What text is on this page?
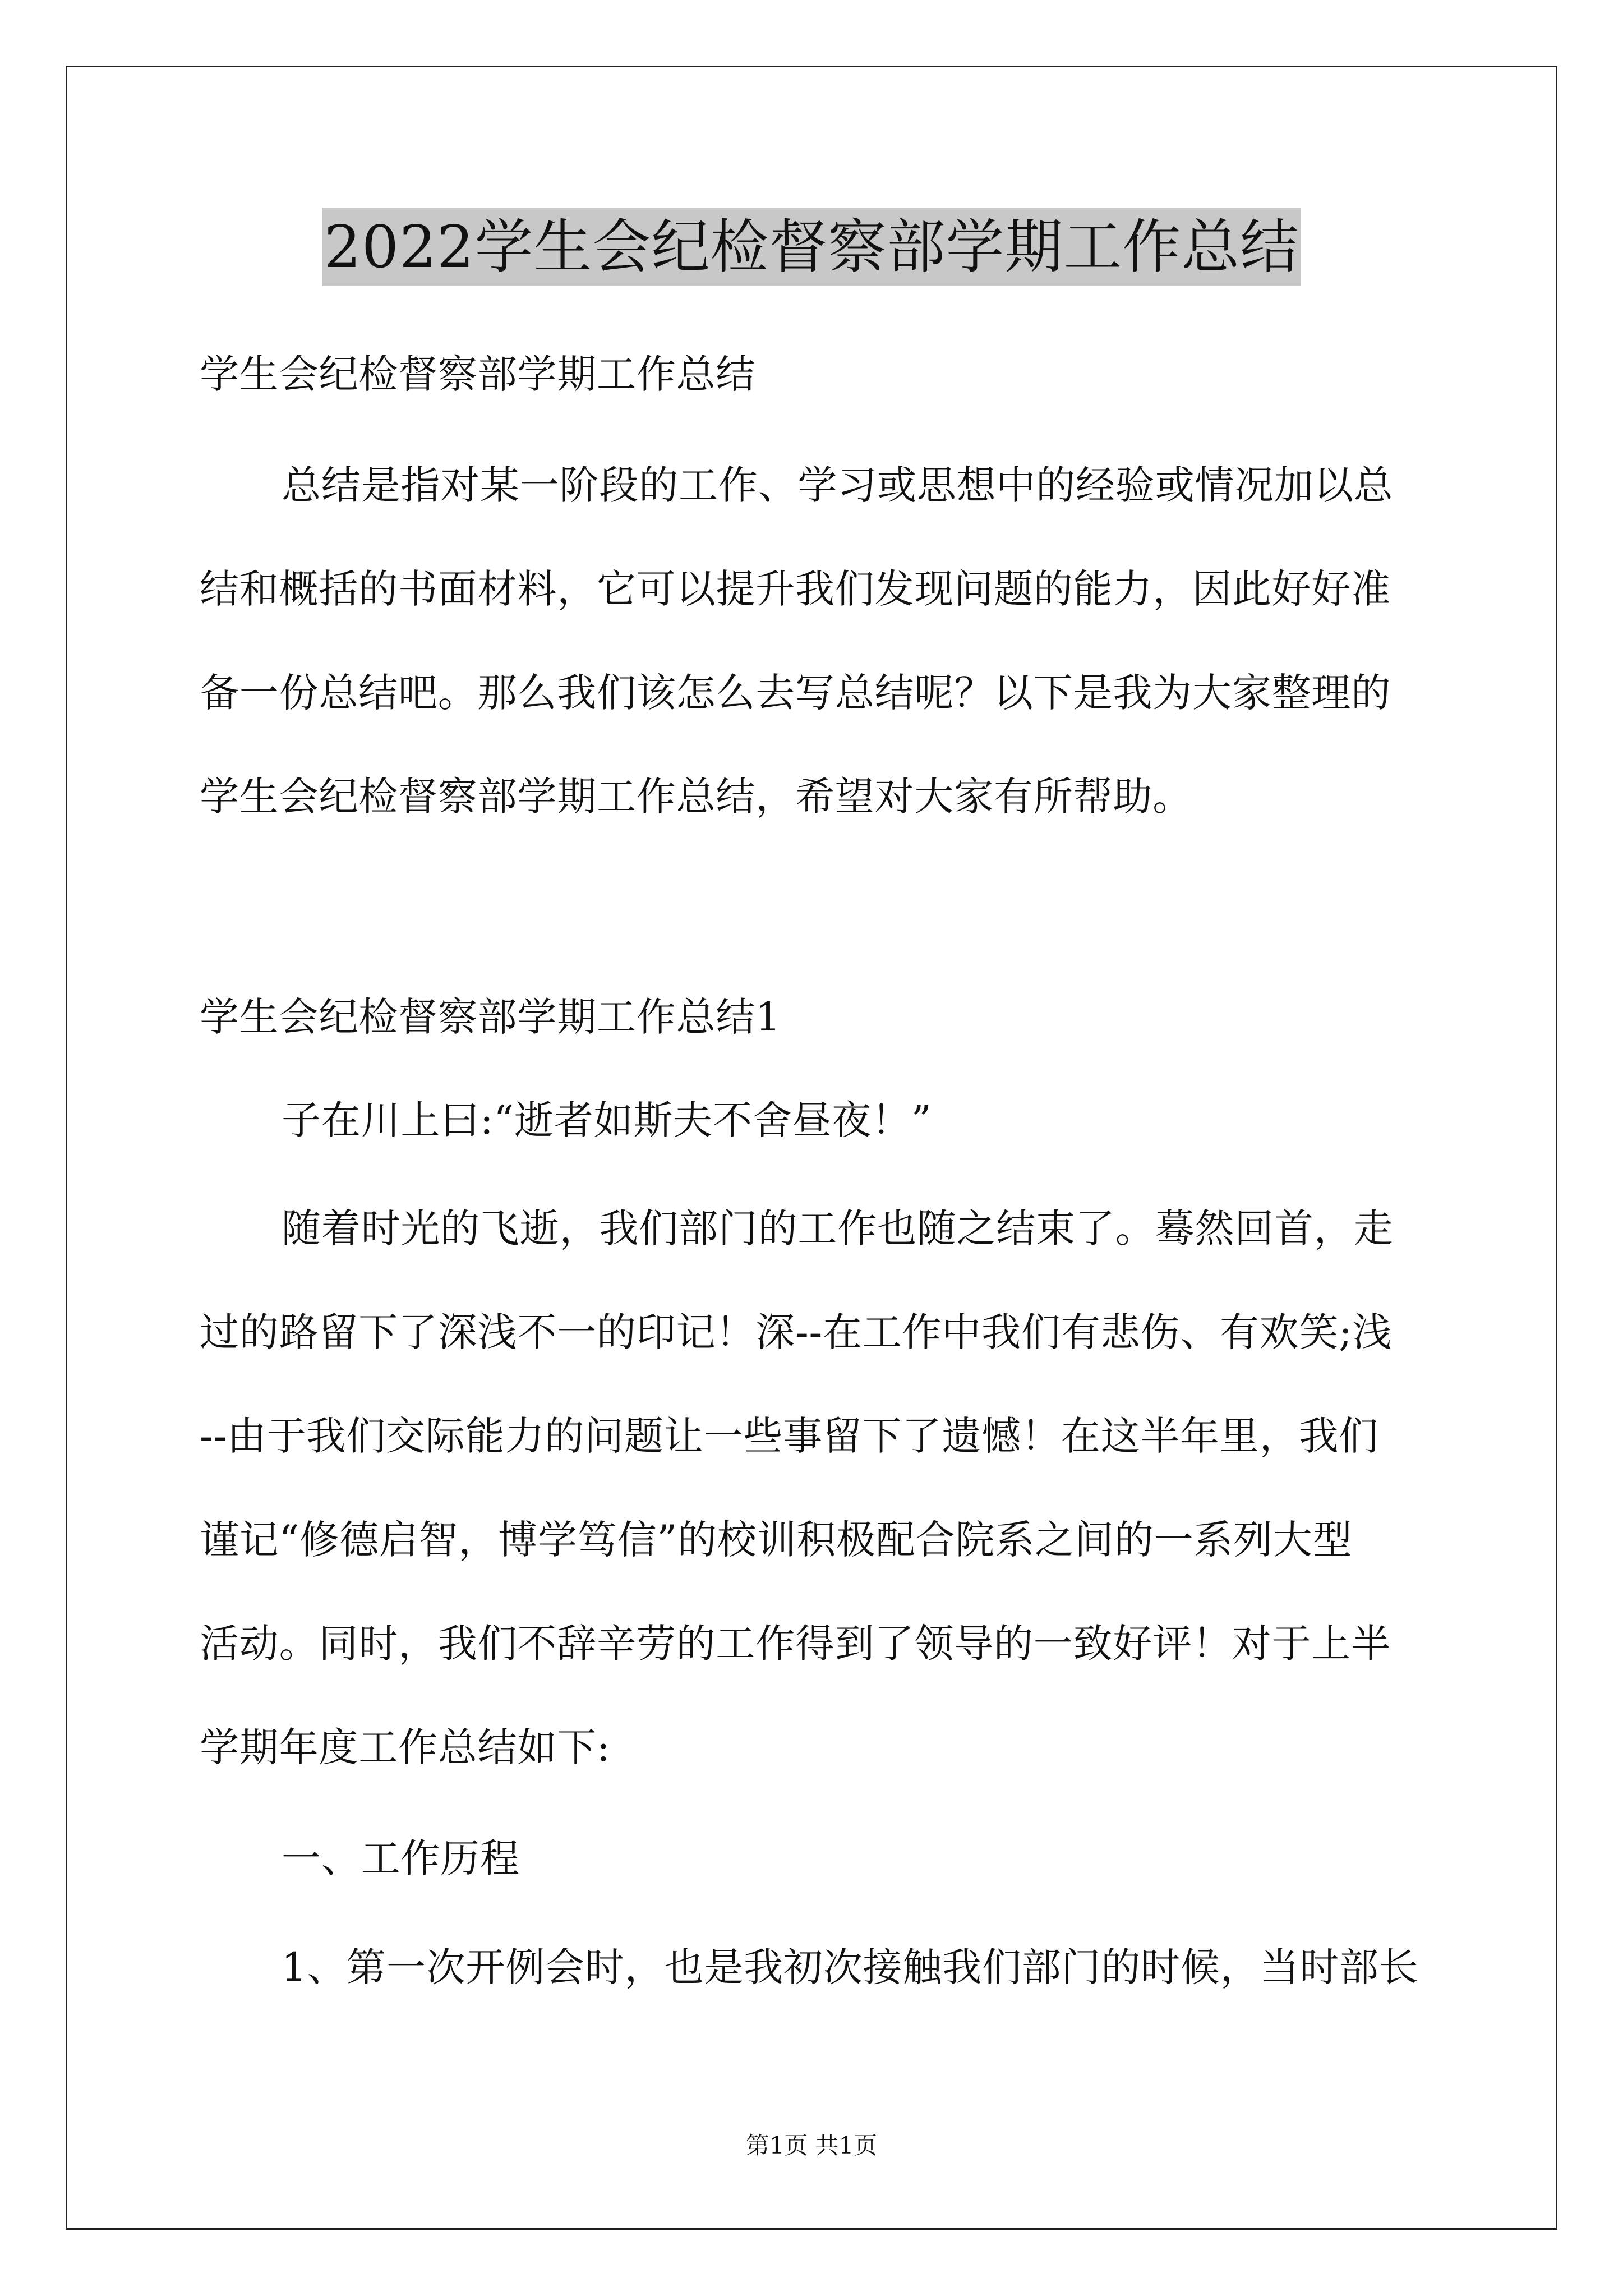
2022学生会纪检督察部学期工作总结
学生会纪检督察部学期工作总结
总结是指对某一阶段的工作、学习或思想中的经验或情况加以总
结和概括的书面材料，它可以提升我们发现问题的能力，因此好好准
备一份总结吧。那么我们该怎么去写总结呢？以下是我为大家整理的
学生会纪检督察部学期工作总结，希望对大家有所帮助。
学生会纪检督察部学期工作总结1
子在川上曰:“逝者如斯夫不舍昼夜！”
随着时光的飞逝，我们部门的工作也随之结束了。蓦然回首，走
过的路留下了深浅不一的印记！深--在工作中我们有悲伤、有欢笑;浅
--由于我们交际能力的问题让一些事留下了遗憾！在这半年里，我们
谨记“修德启智，博学笃信”的校训积极配合院系之间的一系列大型
活动。同时，我们不辞辛劳的工作得到了领导的一致好评！对于上半
学期年度工作总结如下:
一、工作历程
1、第一次开例会时，也是我初次接触我们部门的时候，当时部长
第1页 共1页
